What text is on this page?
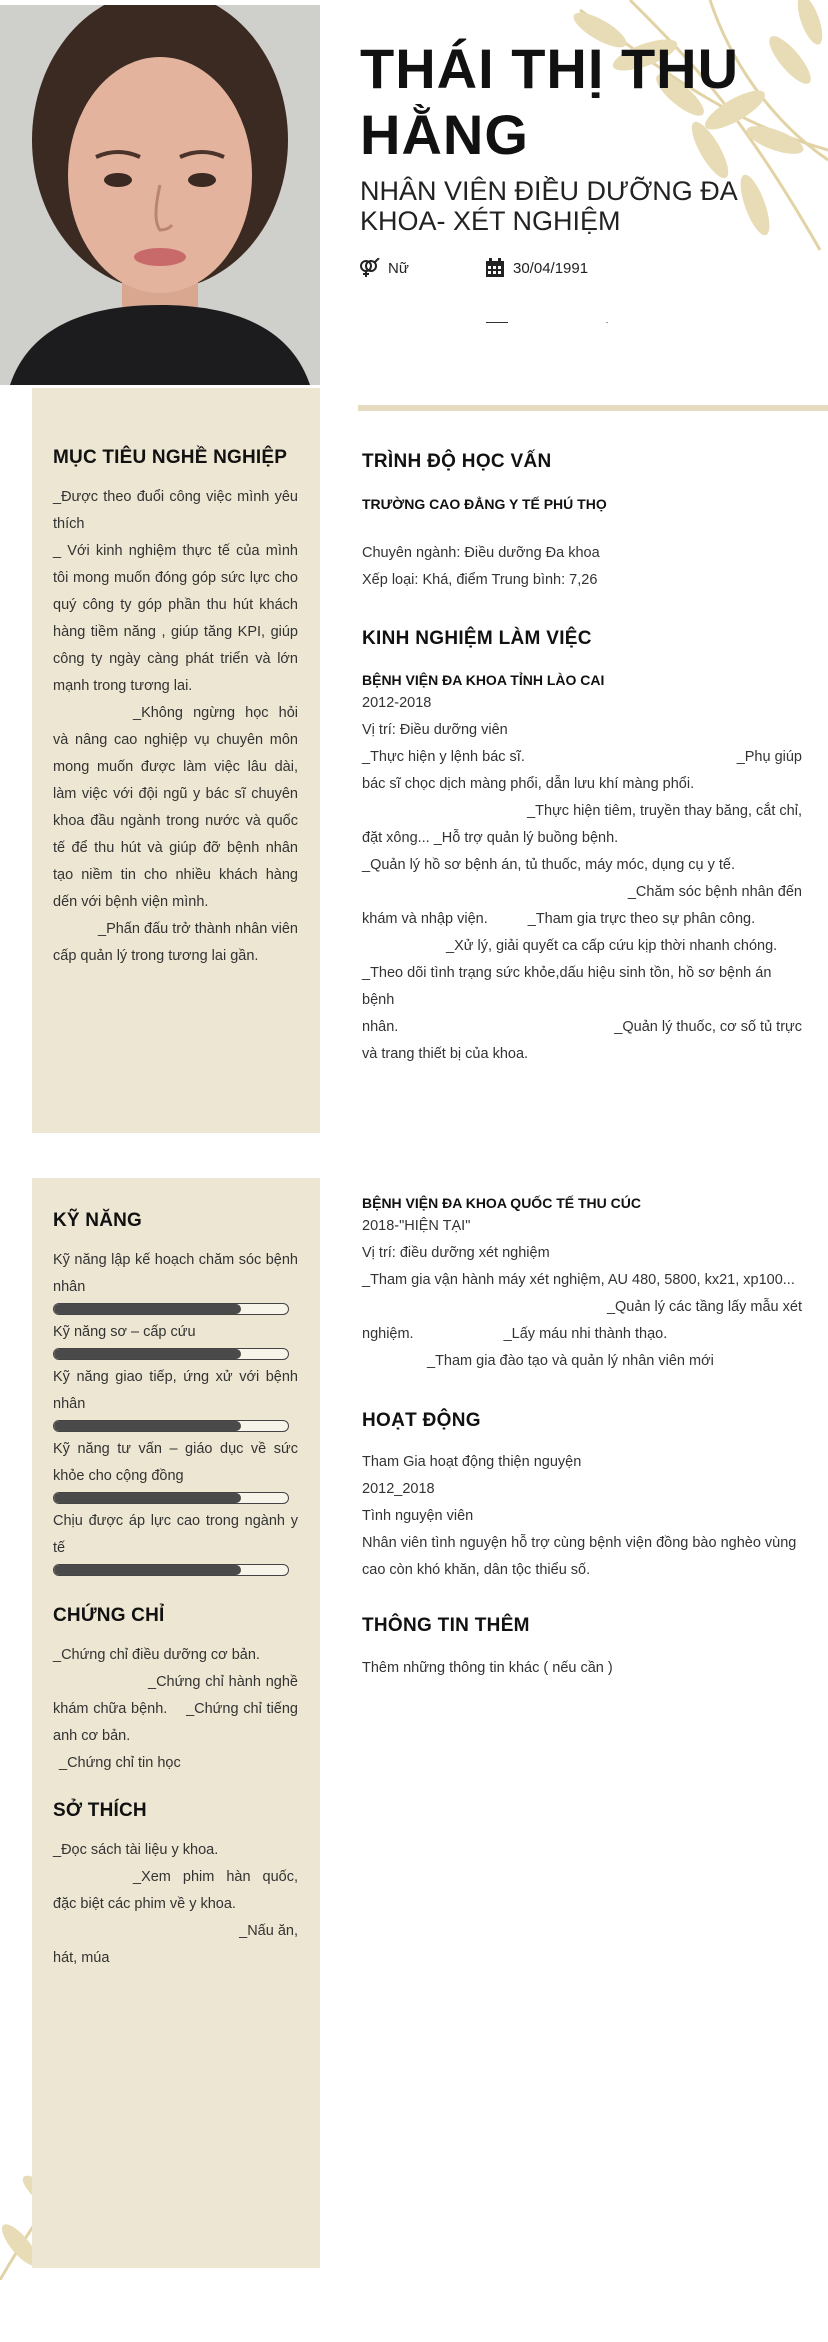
THÁI THỊ THU
HẰNG
NHÂN VIÊN ĐIỀU DƯỠNG ĐA KHOA- XÉT NGHIỆM
Nữ	30/04/1991
MỤC TIÊU NGHỀ NGHIỆP

_Được theo đuổi công việc mình yêu thích

_ Với kinh nghiệm thực tế của mình tôi mong muốn đóng góp sức lực cho quý công ty góp phần thu hút khách hàng tiềm năng , giúp tăng KPI, giúp công ty ngày càng phát triển và lớn mạnh trong tương lai.

_Không ngừng học hỏi và nâng cao nghiệp vụ chuyên môn mong muốn được làm việc lâu dài, làm việc với đội ngũ y bác sĩ chuyên khoa đầu ngành trong nước và quốc tế để thu hút và giúp đỡ bệnh nhân tạo niềm tin cho nhiều khách hàng dến với bệnh viện mình.

_Phấn đấu trở thành nhân viên cấp quản lý trong tương lai gần.

KỸ NĂNG
Kỹ năng lập kế hoạch chăm sóc bệnh nhân
Kỹ năng sơ – cấp cứu
Kỹ năng giao tiếp, ứng xử với bệnh nhân
Kỹ năng tư vấn – giáo dục về sức khỏe cho cộng đồng
Chịu được áp lực cao trong ngành y tế
CHỨNG CHỈ

_Chứng chỉ điều dưỡng cơ bản.

_Chứng chỉ hành nghề khám chữa bệnh. _Chứng chỉ tiếng anh cơ bản.

_Chứng chỉ tin học

SỞ THÍCH

_Đọc sách tài liệu y khoa.

_Xem phim hàn quốc, đặc biệt các phim về y khoa.

_Nấu ăn,

hát, múa

TRÌNH ĐỘ HỌC VẤN
TRƯỜNG CAO ĐẲNG Y TẾ PHÚ THỌ
Chuyên ngành: Điều dưỡng Đa khoa
Xếp loại: Khá, điểm Trung bình: 7,26
KINH NGHIỆM LÀM VIỆC
BỆNH VIỆN ĐA KHOA TỈNH LÀO CAI
2012-2018
Vị trí: Điều dưỡng viên
_Thực hiện y lệnh bác sĩ.	_Phụ giúp
bác sĩ chọc dịch màng phổi, dẫn lưu khí màng phổi.
_Thực hiện tiêm, truyền thay băng, cắt chỉ,
đặt xông... _Hỗ trợ quản lý buồng bệnh.
_Quản lý hồ sơ bệnh án, tủ thuốc, máy móc, dụng cụ y tế.
_Chăm sóc bệnh nhân đến
khám và nhập viện.	_Tham gia trực theo sự phân công.
_Xử lý, giải quyết ca cấp cứu kịp thời nhanh chóng.
_Theo dõi tình trạng sức khỏe,dấu hiệu sinh tồn, hồ sơ bệnh án bệnh
nhân.	_Quản lý thuốc, cơ số tủ trực
và trang thiết bị của khoa.
BỆNH VIỆN ĐA KHOA QUỐC TẾ THU CÚC
2018-"HIỆN TẠI"
Vị trí: điều dưỡng xét nghiệm
_Tham gia vận hành máy xét nghiệm, AU 480, 5800, kx21, xp100...
_Quản lý các tầng lấy mẫu xét
nghiệm.	_Lấy máu nhi thành thạo.
_Tham gia đào tạo và quản lý nhân viên mới
HOẠT ĐỘNG
Tham Gia hoạt động thiện nguyện
2012_2018
Tình nguyện viên
Nhân viên tình nguyện hỗ trợ cùng bệnh viện đồng bào nghèo vùng cao còn khó khăn, dân tộc thiểu số.
THÔNG TIN THÊM
Thêm những thông tin khác ( nếu cần )
